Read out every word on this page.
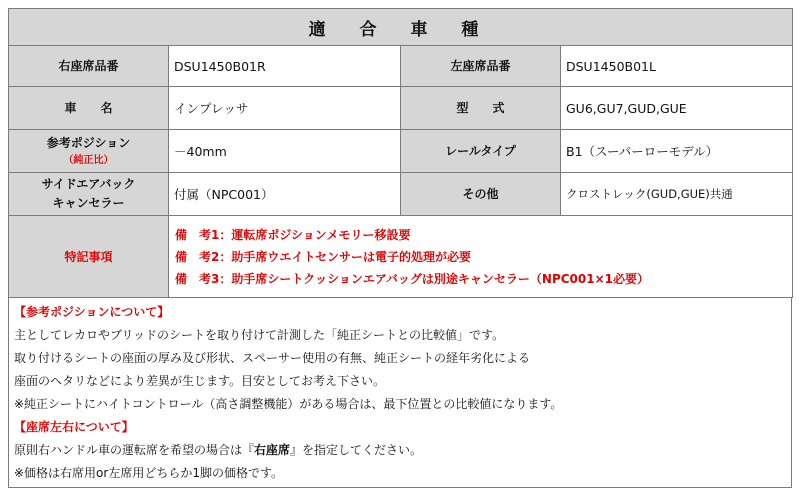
適 合 車 種			
右座席品番	DSU1450B01R	左座席品番	DSU1450B01L
車　　名	インプレッサ	型　　式	GU6,GU7,GUD,GUE

参考ポジション
（純正比）	－40mm	レールタイプ	B1（スーパーローモデル）

サイドエアバック
キャンセラー	付属（NPC001）	その他	クロストレック(GUD,GUE)共通
特記事項	備　考1：運転席ポジションメモリー移設要
備　考2：助手席ウエイトセンサーは電子的処理が必要
備　考3：助手席シートクッションエアバッグは別途キャンセラー（NPC001×1必要）		
【参考ポジションについて】
主としてレカロやブリッドのシートを取り付けて計測した「純正シートとの比較値」です。
取り付けるシートの座面の厚み及び形状、スペーサー使用の有無、純正シートの経年劣化による
座面のヘタリなどにより差異が生じます。目安としてお考え下さい。
※純正シートにハイトコントロール（高さ調整機能）がある場合は、最下位置との比較値になります。
【座席左右について】
原則右ハンドル車の運転席を希望の場合は『右座席』を指定してください。
※価格は右席用or左席用どちらか1脚の価格です。
